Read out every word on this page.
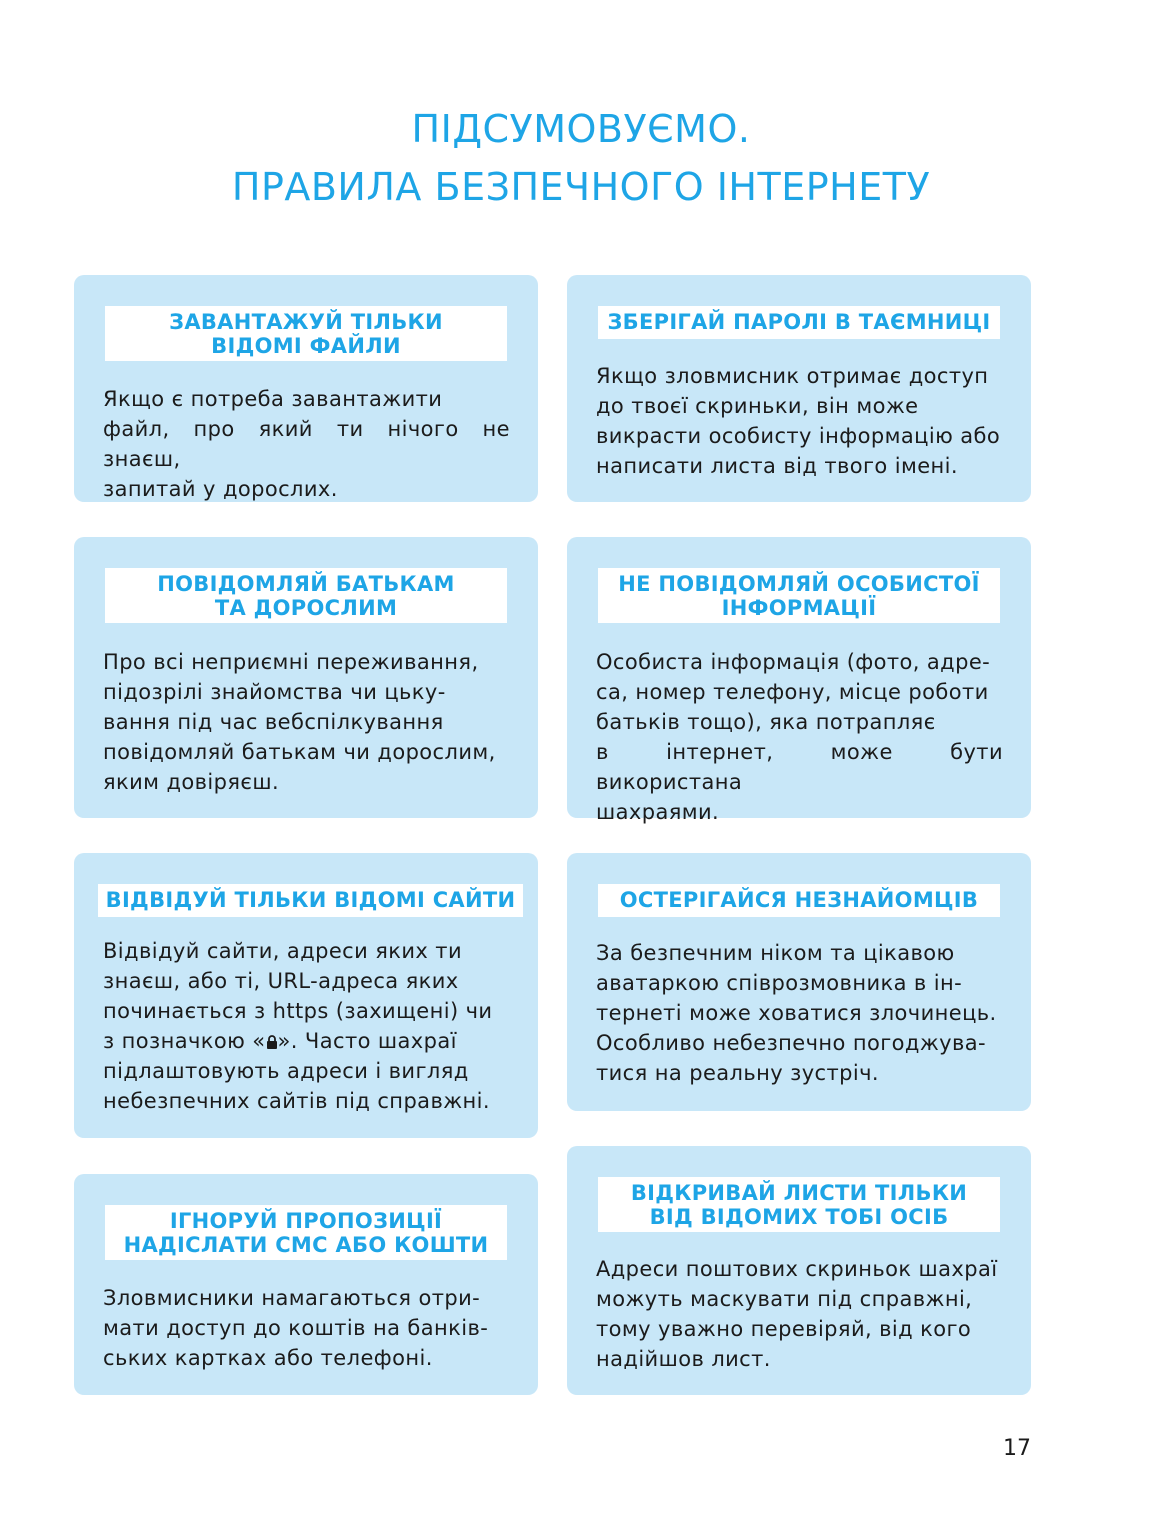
ПІДСУМОВУЄМО.
ПРАВИЛА БЕЗПЕЧНОГО ІНТЕРНЕТУ
ЗАВАНТАЖУЙ ТІЛЬКИ
ВІДОМІ ФАЙЛИ

Якщо є потреба завантажити
файл, про який ти нічого не знаєш,
запитай у дорослих.

ЗБЕРІГАЙ ПАРОЛІ В ТАЄМНИЦІ

Якщо зловмисник отримає доступ
до твоєї скриньки, він може
викрасти особисту інформацію або
написати листа від твого імені.

ПОВІДОМЛЯЙ БАТЬКАМ
ТА ДОРОСЛИМ

Про всі неприємні переживання,
підозрілі знайомства чи цьку-
вання під час вебспілкування
повідомляй батькам чи дорослим,
яким довіряєш.

НЕ ПОВІДОМЛЯЙ ОСОБИСТОЇ
ІНФОРМАЦІЇ

Особиста інформація (фото, адре-
са, номер телефону, місце роботи
батьків тощо), яка потрапляє
в інтернет, може бути використана
шахраями.

ВІДВІДУЙ ТІЛЬКИ ВІДОМІ САЙТИ

Відвідуй сайти, адреси яких ти
знаєш, або ті, URL-адреса яких
починається з https (захищені) чи
з позначкою « ». Часто шахраї
підлаштовують адреси і вигляд
небезпечних сайтів під справжні.

ОСТЕРІГАЙСЯ НЕЗНАЙОМЦІВ

За безпечним ніком та цікавою
аватаркою співрозмовника в ін-
тернеті може ховатися злочинець.
Особливо небезпечно погоджува-
тися на реальну зустріч.

ІГНОРУЙ ПРОПОЗИЦІЇ
НАДІСЛАТИ СМС АБО КОШТИ

Зловмисники намагаються отри-
мати доступ до коштів на банків-
ських картках або телефоні.

ВІДКРИВАЙ ЛИСТИ ТІЛЬКИ
ВІД ВІДОМИХ ТОБІ ОСІБ

Адреси поштових скриньок шахраї
можуть маскувати під справжні,
тому уважно перевіряй, від кого
надійшов лист.

17
